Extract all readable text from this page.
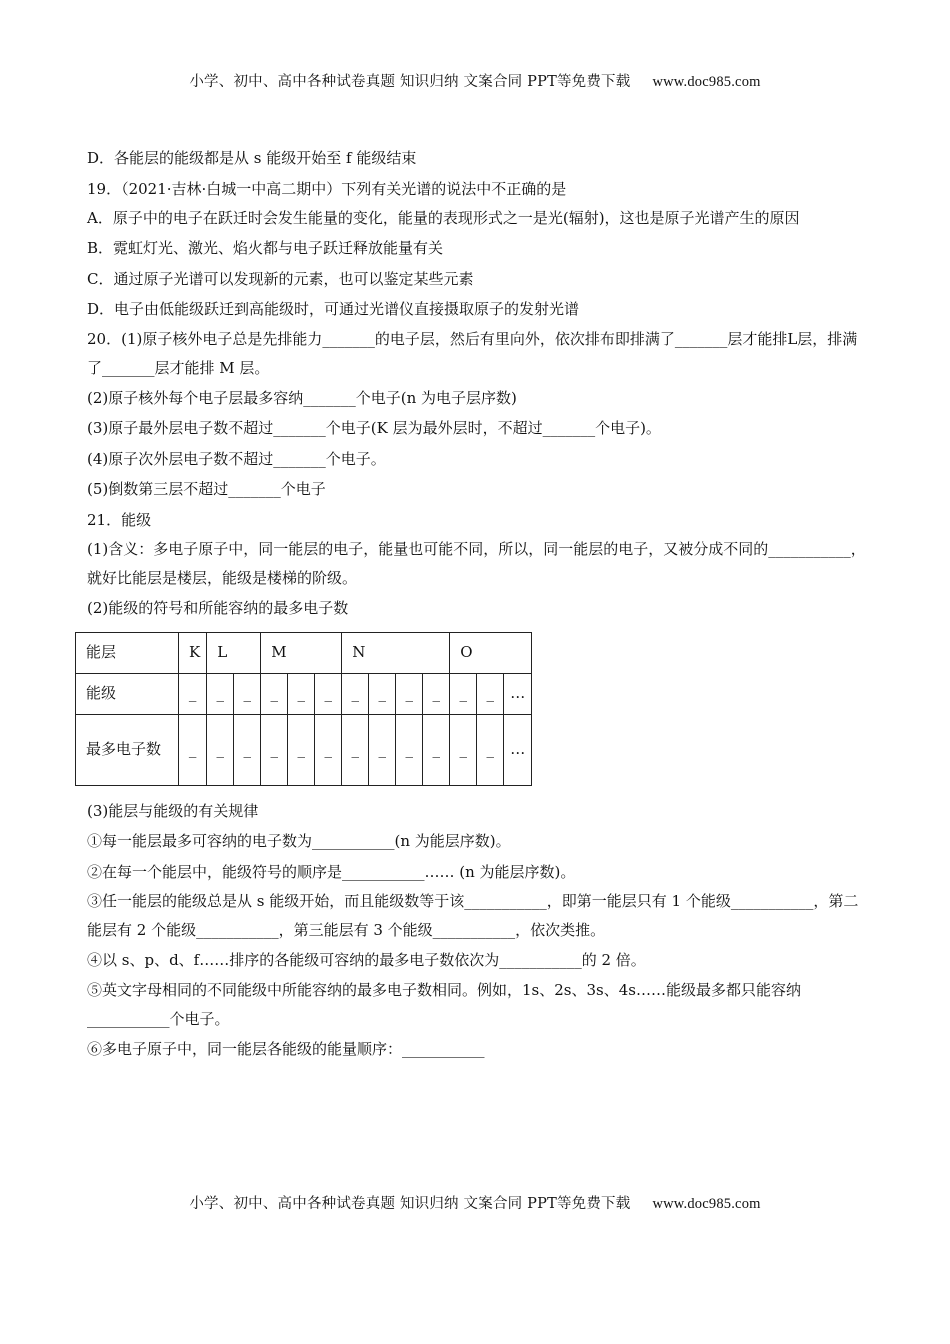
小学、初中、高中各种试卷真题 知识归纳 文案合同 PPT等免费下载 www.doc985.com

D．各能层的能级都是从 s 能级开始至 f 能级结束

19．（2021·吉林·白城一中高二期中）下列有关光谱的说法中不正确的是

A．原子中的电子在跃迁时会发生能量的变化，能量的表现形式之一是光(辐射)，这也是原子光谱产生的原因

B．霓虹灯光、激光、焰火都与电子跃迁释放能量有关

C．通过原子光谱可以发现新的元素，也可以鉴定某些元素

D．电子由低能级跃迁到高能级时，可通过光谱仪直接摄取原子的发射光谱

20．(1)原子核外电子总是先排能力_______的电子层，然后有里向外，依次排布即排满了_______层才能排L层，排满了_______层才能排 M 层。

(2)原子核外每个电子层最多容纳_______个电子(n 为电子层序数)

(3)原子最外层电子数不超过_______个电子(K 层为最外层时，不超过_______个电子)。

(4)原子次外层电子数不超过_______个电子。

(5)倒数第三层不超过_______个电子

21．能级

(1)含义：多电子原子中，同一能层的电子，能量也可能不同，所以，同一能层的电子，又被分成不同的___________，就好比能层是楼层，能级是楼梯的阶级。

(2)能级的符号和所能容纳的最多电子数

能层	K	L		M			N				O		
能级	_	_	_	_	_	_	_	_	_	_	_	_	…
最多电子数	_	_	_	_	_	_	_	_	_	_	_	_	…

(3)能层与能级的有关规律

①每一能层最多可容纳的电子数为___________(n 为能层序数)。

②在每一个能层中，能级符号的顺序是___________…… (n 为能层序数)。

③任一能层的能级总是从 s 能级开始，而且能级数等于该___________，即第一能层只有 1 个能级___________，第二能层有 2 个能级___________，第三能层有 3 个能级___________，依次类推。

④以 s、p、d、f……排序的各能级可容纳的最多电子数依次为___________的 2 倍。

⑤英文字母相同的不同能级中所能容纳的最多电子数相同。例如，1s、2s、3s、4s……能级最多都只能容纳___________个电子。

⑥多电子原子中，同一能层各能级的能量顺序：___________

小学、初中、高中各种试卷真题 知识归纳 文案合同 PPT等免费下载 www.doc985.com
